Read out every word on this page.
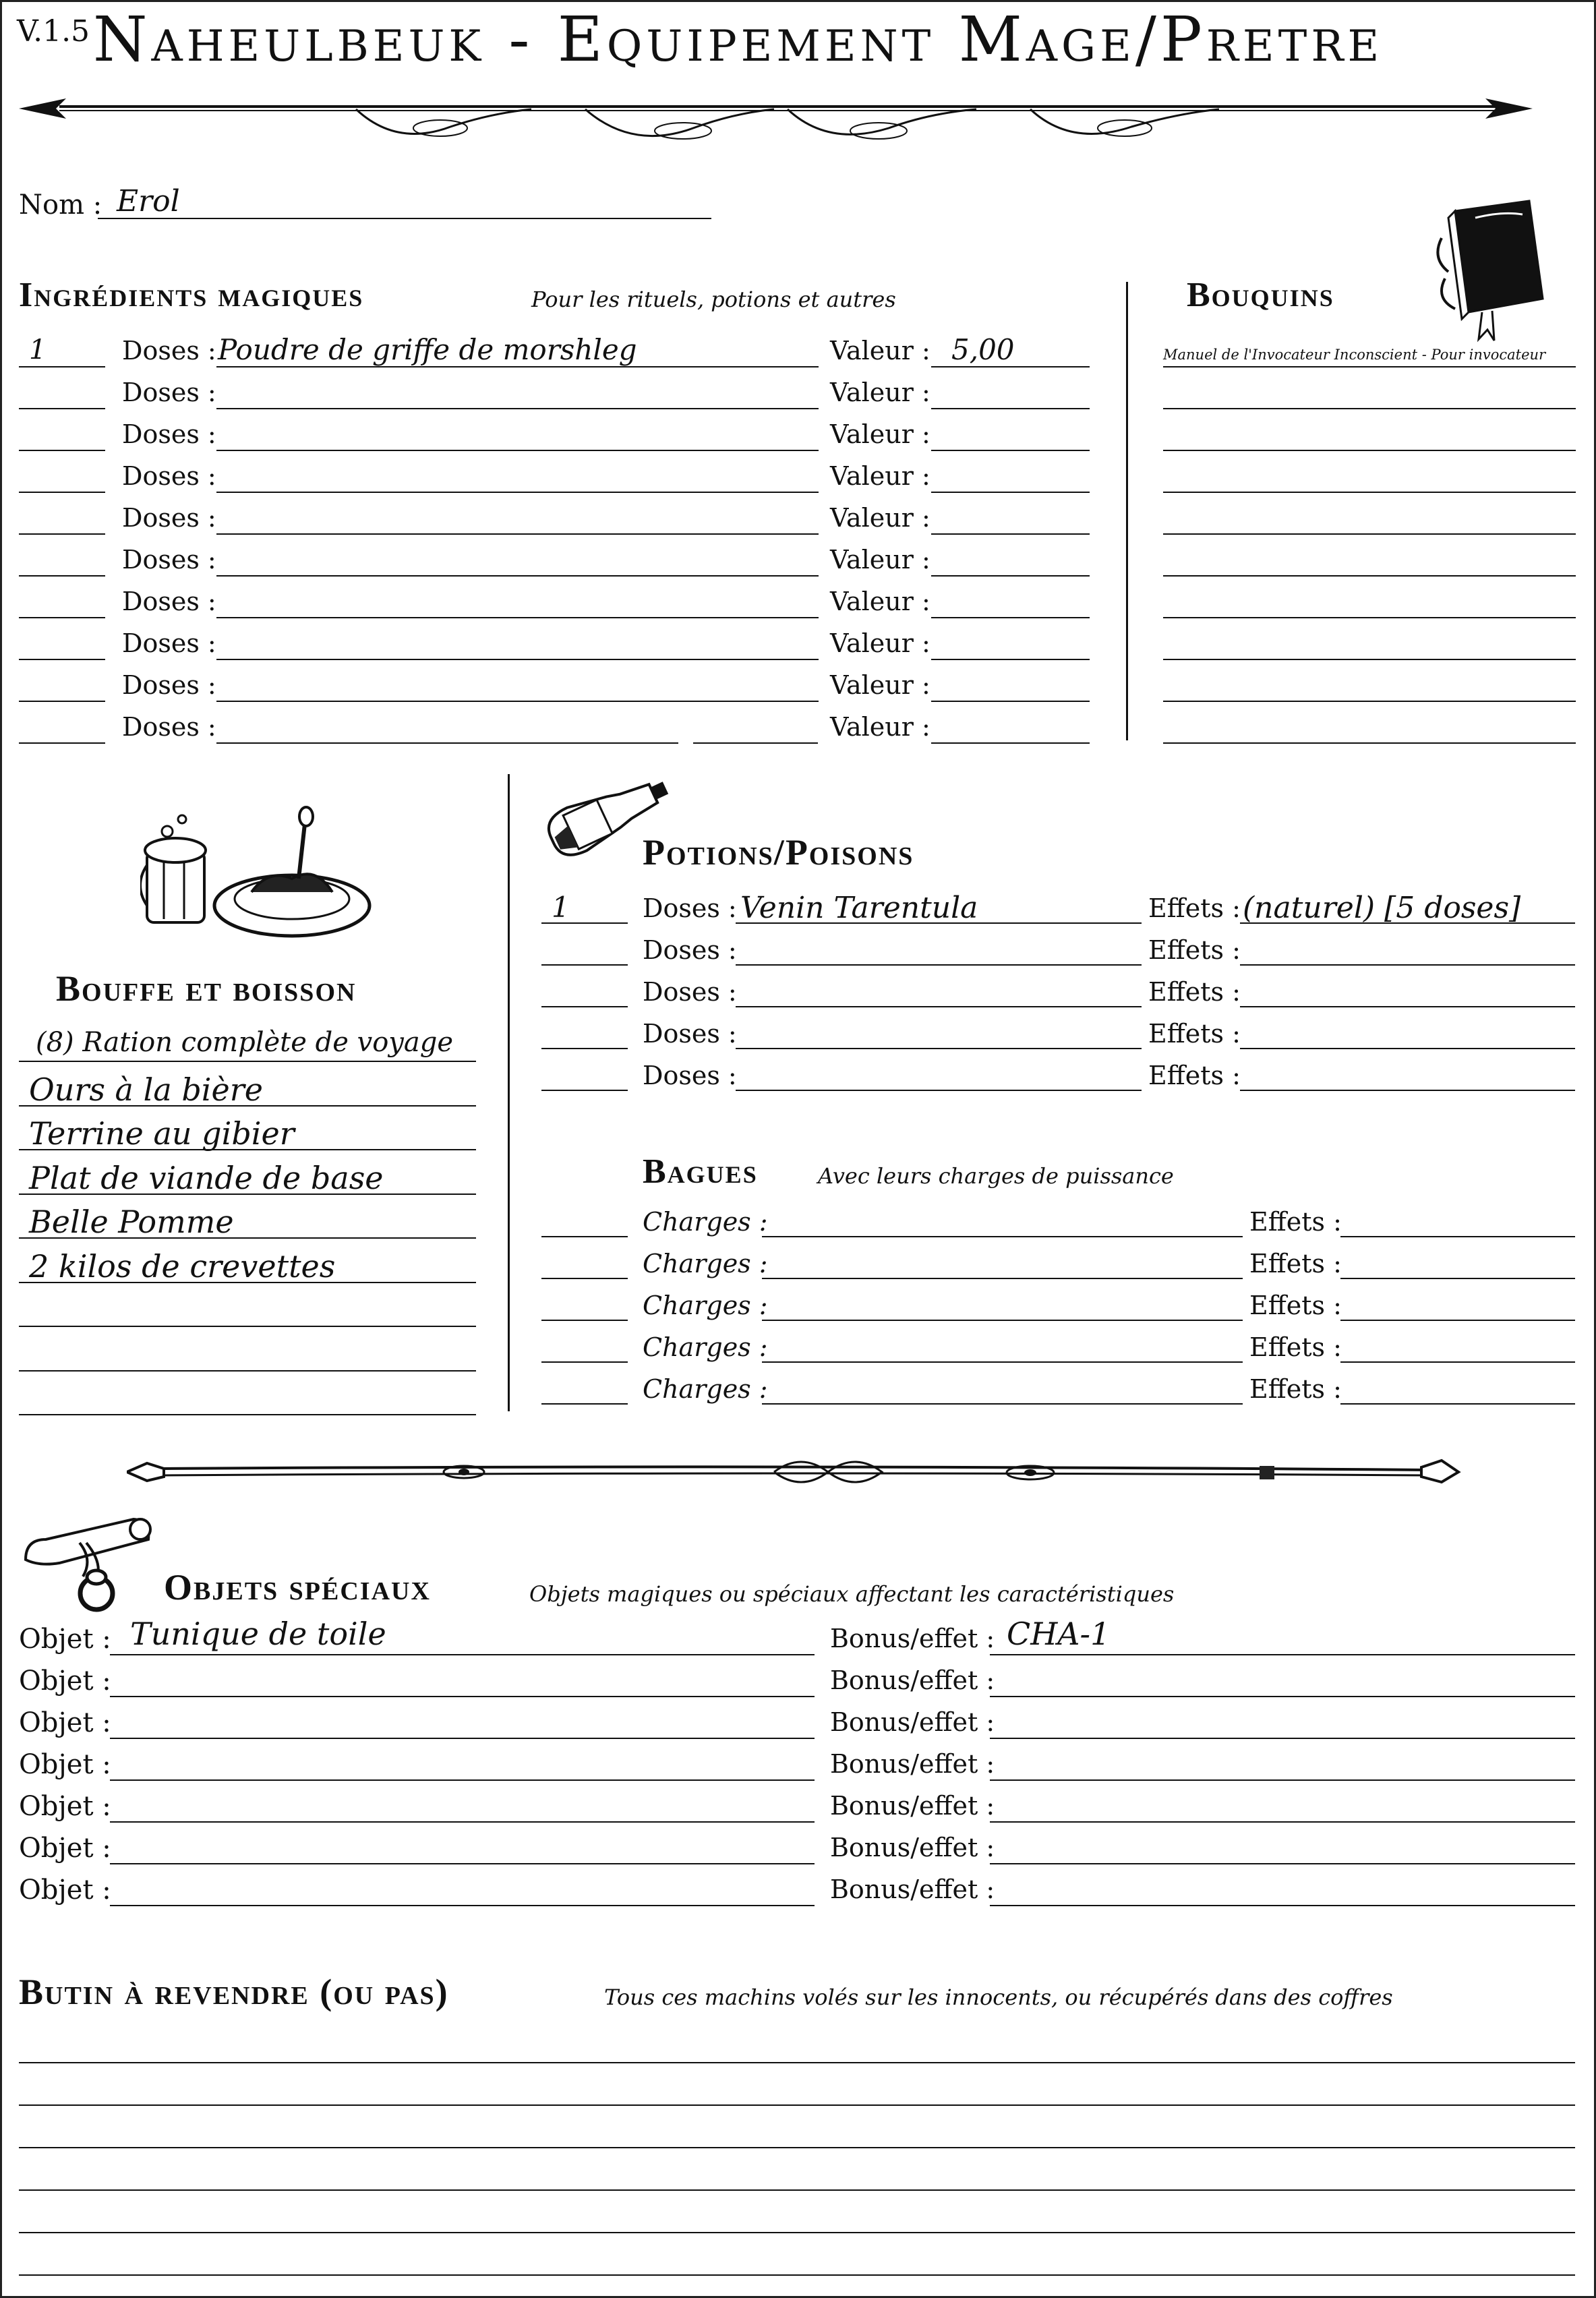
V.1.5 Naheulbeuk - Equipement Mage/Pretre
Nom : Erol
Ingrédients magiques	Pour les rituels, potions et autres
1	Doses : Poudre de griffe de morshleg	Valeur : 5,00
Doses :	Valeur :
Doses :	Valeur :
Doses :	Valeur :
Doses :	Valeur :
Doses :	Valeur :
Doses :	Valeur :
Doses :	Valeur :
Doses :	Valeur :
Doses :	Valeur :
Bouquins
Manuel de l'Invocateur Inconscient - Pour invocateur
Bouffe et boisson
(8) Ration complète de voyage
Ours à la bière
Terrine au gibier
Plat de viande de base
Belle Pomme
2 kilos de crevettes
Potions/Poisons
1	Doses : Venin Tarentula	Effets : (naturel) [5 doses]
Doses :	Effets :
Doses :	Effets :
Doses :	Effets :
Doses :	Effets :
Bagues	Avec leurs charges de puissance
Charges :	Effets :
Charges :	Effets :
Charges :	Effets :
Charges :	Effets :
Charges :	Effets :
Objets spéciaux	Objets magiques ou spéciaux affectant les caractéristiques
Objet : Tunique de toile	Bonus/effet : CHA-1
Objet :	Bonus/effet :
Objet :	Bonus/effet :
Objet :	Bonus/effet :
Objet :	Bonus/effet :
Objet :	Bonus/effet :
Objet :	Bonus/effet :
Butin à revendre (ou pas)	Tous ces machins volés sur les innocents, ou récupérés dans des coffres
